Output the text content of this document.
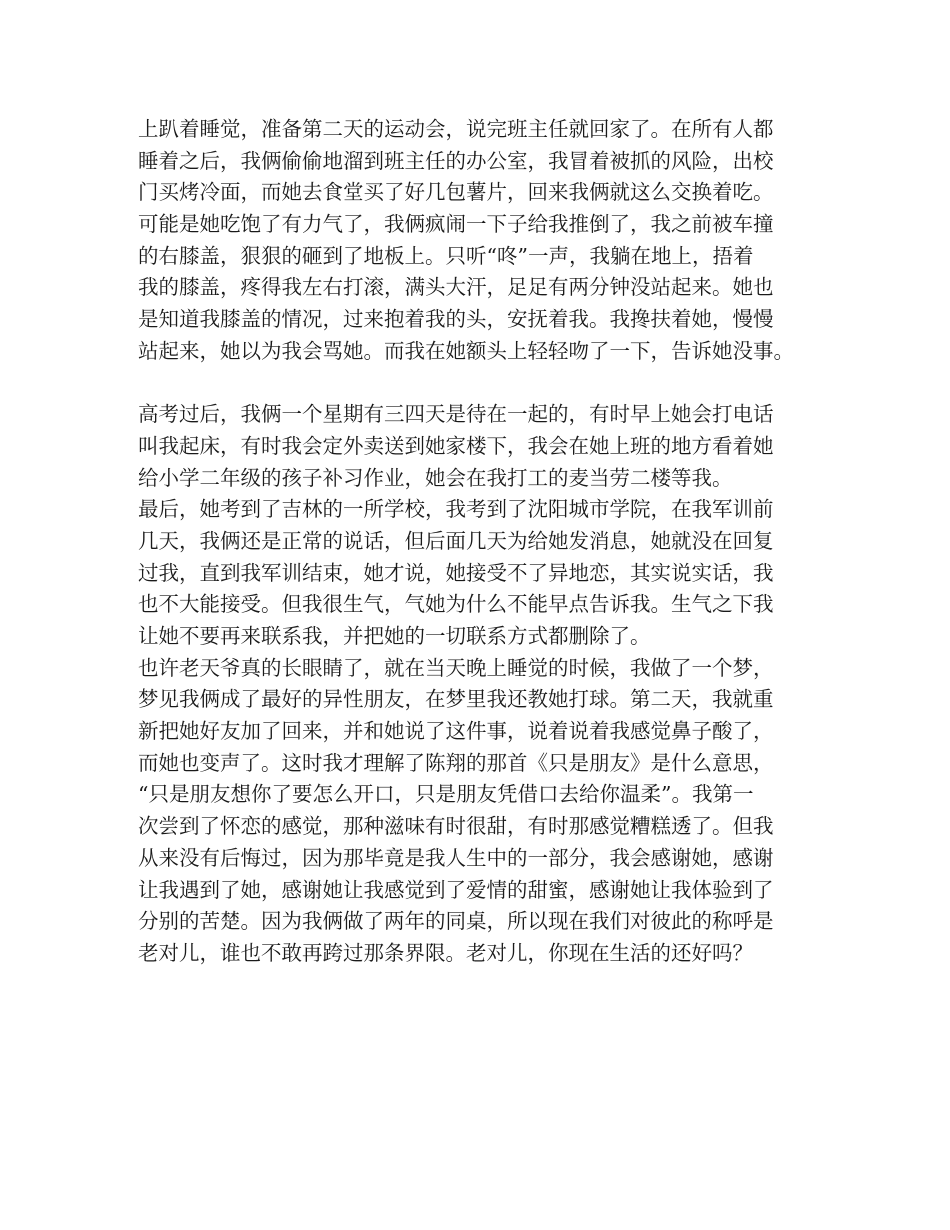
上趴着睡觉，准备第二天的运动会，说完班主任就回家了。在所有人都
睡着之后，我俩偷偷地溜到班主任的办公室，我冒着被抓的风险，出校
门买烤冷面，而她去食堂买了好几包薯片，回来我俩就这么交换着吃。
可能是她吃饱了有力气了，我俩疯闹一下子给我推倒了，我之前被车撞
的右膝盖，狠狠的砸到了地板上。只听“咚”一声，我躺在地上，捂着
我的膝盖，疼得我左右打滚，满头大汗，足足有两分钟没站起来。她也
是知道我膝盖的情况，过来抱着我的头，安抚着我。我搀扶着她，慢慢
站起来，她以为我会骂她。而我在她额头上轻轻吻了一下，告诉她没事。
高考过后，我俩一个星期有三四天是待在一起的，有时早上她会打电话
叫我起床，有时我会定外卖送到她家楼下，我会在她上班的地方看着她
给小学二年级的孩子补习作业，她会在我打工的麦当劳二楼等我。
最后，她考到了吉林的一所学校，我考到了沈阳城市学院，在我军训前
几天，我俩还是正常的说话，但后面几天为给她发消息，她就没在回复
过我，直到我军训结束，她才说，她接受不了异地恋，其实说实话，我
也不大能接受。但我很生气，气她为什么不能早点告诉我。生气之下我
让她不要再来联系我，并把她的一切联系方式都删除了。
也许老天爷真的长眼睛了，就在当天晚上睡觉的时候，我做了一个梦，
梦见我俩成了最好的异性朋友，在梦里我还教她打球。第二天，我就重
新把她好友加了回来，并和她说了这件事，说着说着我感觉鼻子酸了，
而她也变声了。这时我才理解了陈翔的那首《只是朋友》是什么意思，
“只是朋友想你了要怎么开口，只是朋友凭借口去给你温柔”。我第一
次尝到了怀恋的感觉，那种滋味有时很甜，有时那感觉糟糕透了。但我
从来没有后悔过，因为那毕竟是我人生中的一部分，我会感谢她，感谢
让我遇到了她，感谢她让我感觉到了爱情的甜蜜，感谢她让我体验到了
分别的苦楚。因为我俩做了两年的同桌，所以现在我们对彼此的称呼是
老对儿，谁也不敢再跨过那条界限。老对儿，你现在生活的还好吗？
